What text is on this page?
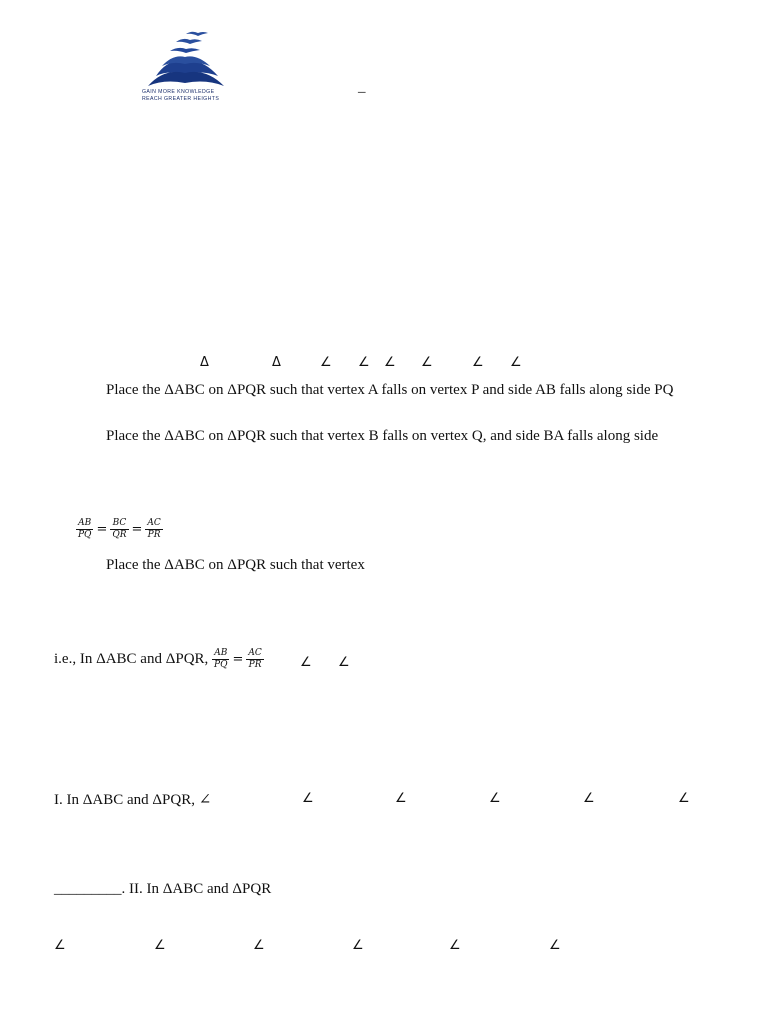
GAIN MORE KNOWLEDGE
REACH GREATER HEIGHTS	–
Δ	Δ	∠ ∠ ∠ ∠	∠ ∠
Place the ΔABC on ΔPQR such that vertex A falls on vertex P and side AB falls along side PQ
Place the ΔABC on ΔPQR such that vertex B falls on vertex Q, and side BA falls along side
$\frac{AB}{PQ} = \frac{BC}{QR} = \frac{AC}{PR}$
Place the ΔABC on ΔPQR such that vertex
i.e., In ΔABC and ΔPQR, $\frac{AB}{PQ} = \frac{AC}{PR}$	∠ ∠
I. In ΔABC and ΔPQR, ∠	∠	∠	∠	∠	∠
_________. II. In ΔABC and ΔPQR
∠	∠	∠	∠	∠	∠
